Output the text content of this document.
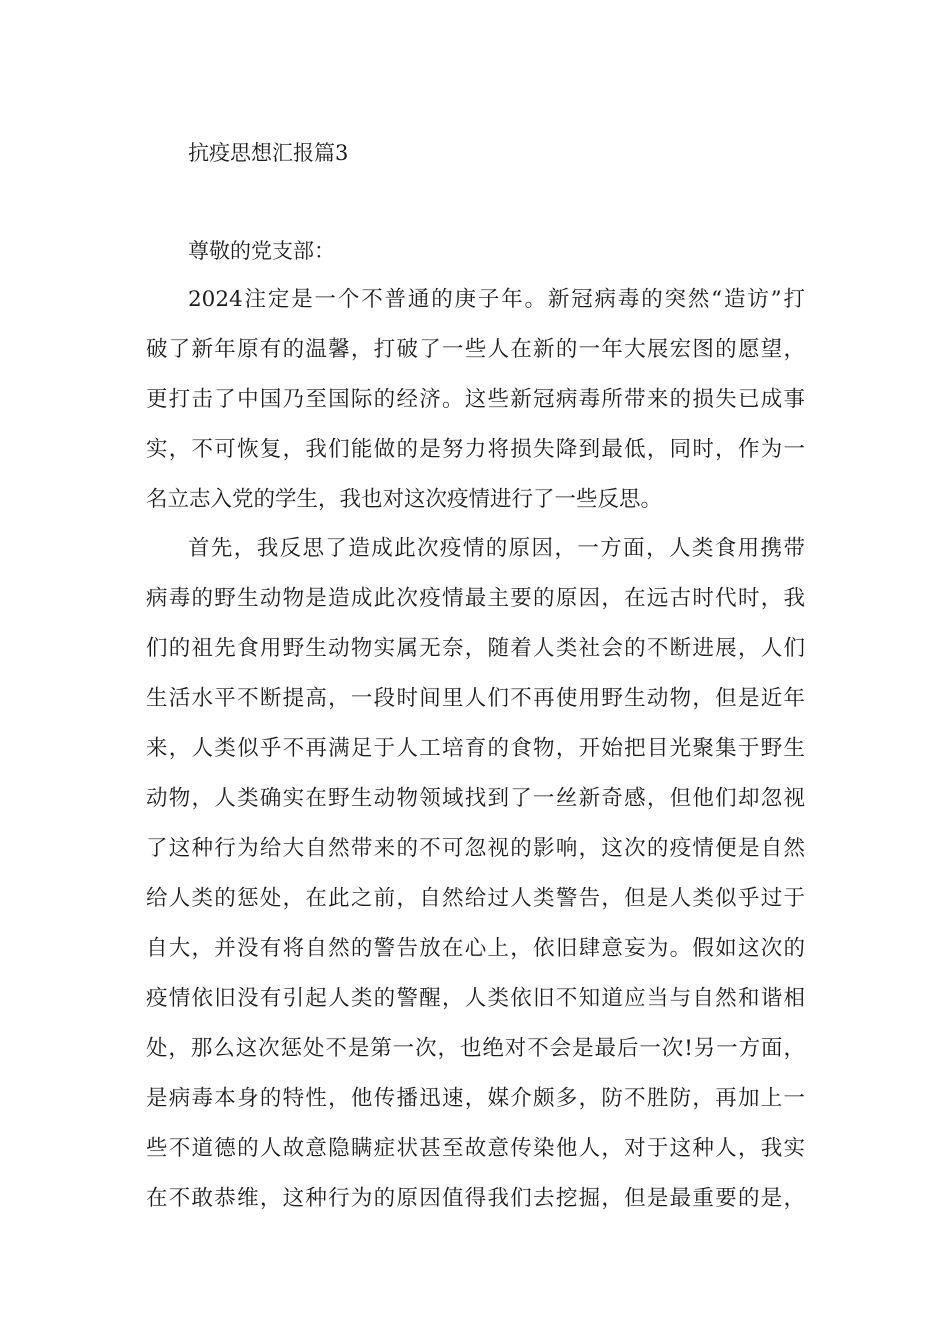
抗疫思想汇报篇3
尊敬的党支部：
2024注定是一个不普通的庚子年。新冠病毒的突然“造访”打
破了新年原有的温馨，打破了一些人在新的一年大展宏图的愿望，
更打击了中国乃至国际的经济。这些新冠病毒所带来的损失已成事
实，不可恢复，我们能做的是努力将损失降到最低，同时，作为一
名立志入党的学生，我也对这次疫情进行了一些反思。
首先，我反思了造成此次疫情的原因，一方面，人类食用携带
病毒的野生动物是造成此次疫情最主要的原因，在远古时代时，我
们的祖先食用野生动物实属无奈，随着人类社会的不断进展，人们
生活水平不断提高，一段时间里人们不再使用野生动物，但是近年
来，人类似乎不再满足于人工培育的食物，开始把目光聚集于野生
动物，人类确实在野生动物领域找到了一丝新奇感，但他们却忽视
了这种行为给大自然带来的不可忽视的影响，这次的疫情便是自然
给人类的惩处，在此之前，自然给过人类警告，但是人类似乎过于
自大，并没有将自然的警告放在心上，依旧肆意妄为。假如这次的
疫情依旧没有引起人类的警醒，人类依旧不知道应当与自然和谐相
处，那么这次惩处不是第一次，也绝对不会是最后一次!另一方面，
是病毒本身的特性，他传播迅速，媒介颇多，防不胜防，再加上一
些不道德的人故意隐瞒症状甚至故意传染他人，对于这种人，我实
在不敢恭维，这种行为的原因值得我们去挖掘，但是最重要的是，
